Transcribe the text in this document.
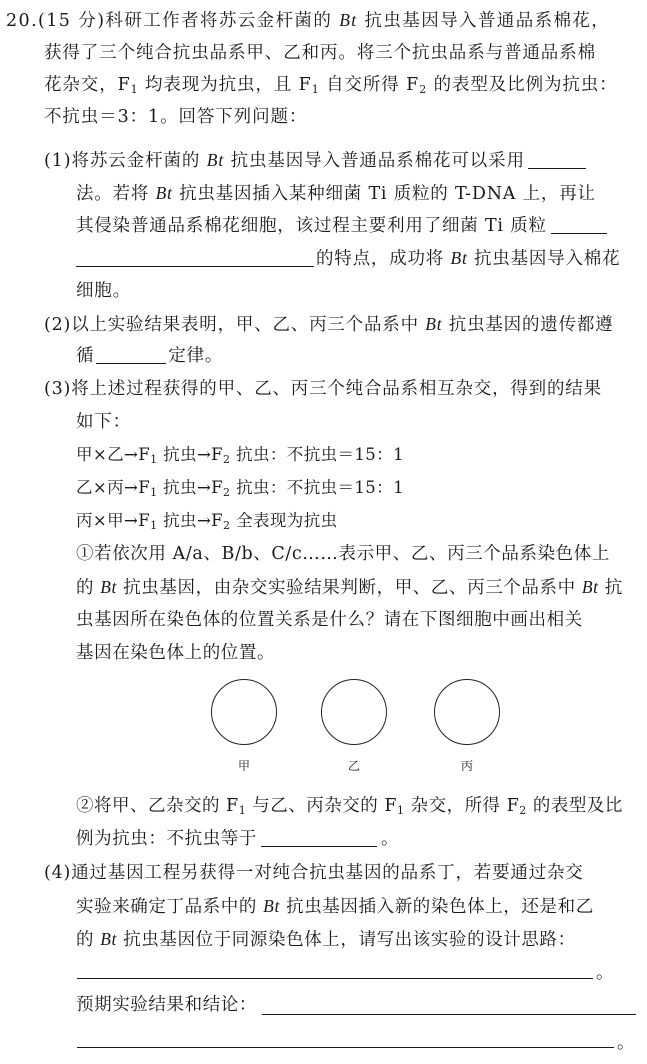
20.(15 分)科研工作者将苏云金杆菌的 Bt 抗虫基因导入普通品系棉花，
获得了三个纯合抗虫品系甲、乙和丙。将三个抗虫品系与普通品系棉
花杂交，$F_1$ 均表现为抗虫，且 $F_1$ 自交所得 $F_2$ 的表型及比例为抗虫：
不抗虫＝3：1。回答下列问题：
(1)将苏云金杆菌的 Bt 抗虫基因导入普通品系棉花可以采用
法。若将 Bt 抗虫基因插入某种细菌 Ti 质粒的 T-DNA 上，再让
其侵染普通品系棉花细胞，该过程主要利用了细菌 Ti 质粒
的特点，成功将 Bt 抗虫基因导入棉花
细胞。
(2)以上实验结果表明，甲、乙、丙三个品系中 Bt 抗虫基因的遗传都遵
循	定律。
(3)将上述过程获得的甲、乙、丙三个纯合品系相互杂交，得到的结果
如下：
甲×乙$\to F_1$ 抗虫$\to F_2$ 抗虫：不抗虫＝15：1
乙×丙$\to F_1$ 抗虫$\to F_2$ 抗虫：不抗虫＝15：1
丙×甲$\to F_1$ 抗虫$\to F_2$ 全表现为抗虫
①若依次用 A/a、B/b、C/c……表示甲、乙、丙三个品系染色体上
的 Bt 抗虫基因，由杂交实验结果判断，甲、乙、丙三个品系中 Bt 抗
虫基因所在染色体的位置关系是什么？请在下图细胞中画出相关
基因在染色体上的位置。
甲	乙	丙
②将甲、乙杂交的 $F_1$ 与乙、丙杂交的 $F_1$ 杂交，所得 $F_2$ 的表型及比
例为抗虫：不抗虫等于	。
(4)通过基因工程另获得一对纯合抗虫基因的品系丁，若要通过杂交
实验来确定丁品系中的 Bt 抗虫基因插入新的染色体上，还是和乙
的 Bt 抗虫基因位于同源染色体上，请写出该实验的设计思路：
。
预期实验结果和结论：
。
